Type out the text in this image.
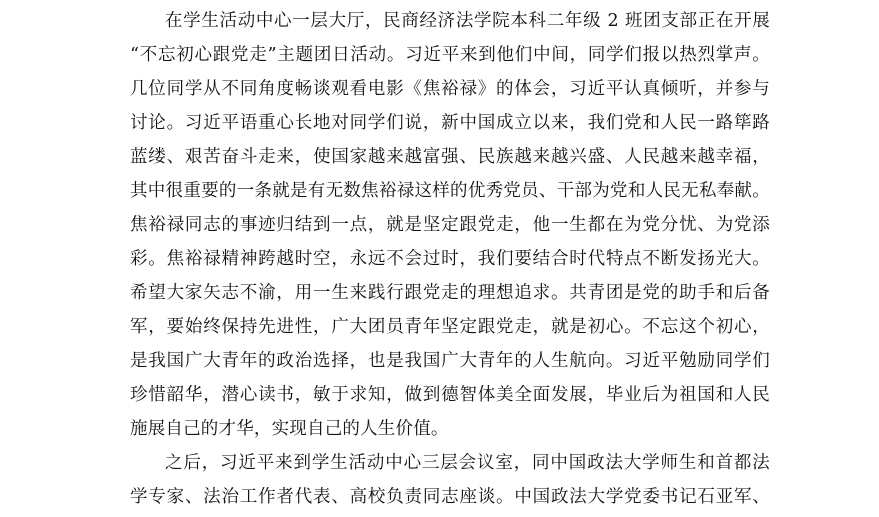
在学生活动中心一层大厅，民商经济法学院本科二年级 2 班团支部正在开展
“不忘初心跟党走”主题团日活动。习近平来到他们中间，同学们报以热烈掌声。
几位同学从不同角度畅谈观看电影《焦裕禄》的体会，习近平认真倾听，并参与
讨论。习近平语重心长地对同学们说，新中国成立以来，我们党和人民一路筚路
蓝缕、艰苦奋斗走来，使国家越来越富强、民族越来越兴盛、人民越来越幸福，
其中很重要的一条就是有无数焦裕禄这样的优秀党员、干部为党和人民无私奉献。
焦裕禄同志的事迹归结到一点，就是坚定跟党走，他一生都在为党分忧、为党添
彩。焦裕禄精神跨越时空，永远不会过时，我们要结合时代特点不断发扬光大。
希望大家矢志不渝，用一生来践行跟党走的理想追求。共青团是党的助手和后备
军，要始终保持先进性，广大团员青年坚定跟党走，就是初心。不忘这个初心，
是我国广大青年的政治选择，也是我国广大青年的人生航向。习近平勉励同学们
珍惜韶华，潜心读书，敏于求知，做到德智体美全面发展，毕业后为祖国和人民
施展自己的才华，实现自己的人生价值。
之后，习近平来到学生活动中心三层会议室，同中国政法大学师生和首都法
学专家、法治工作者代表、高校负责同志座谈。中国政法大学党委书记石亚军、
